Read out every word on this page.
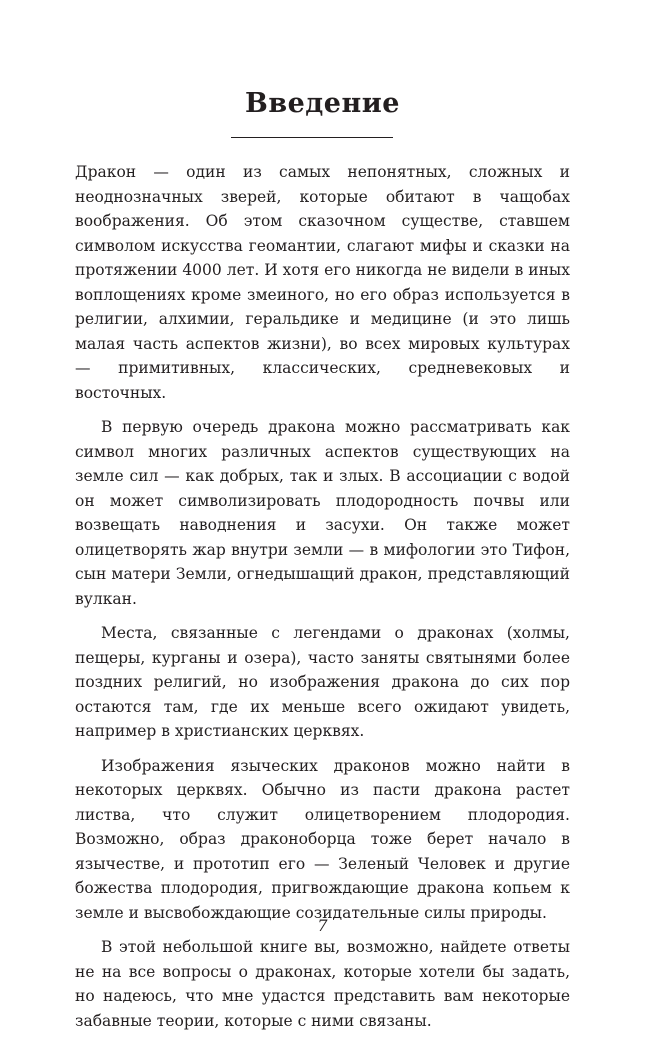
Введение

Дракон — один из самых непонятных, сложных и неоднозначных зверей, которые обитают в чащобах воображения. Об этом сказочном существе, ставшем символом искусства геомантии, слагают мифы и сказки на протяжении 4000 лет. И хотя его никогда не видели в иных воплощениях кроме змеиного, но его образ используется в религии, алхимии, геральдике и медицине (и это лишь малая часть аспектов жизни), во всех мировых культурах — примитивных, классических, средневековых и восточных.

В первую очередь дракона можно рассматривать как символ многих различных аспектов существующих на земле сил — как добрых, так и злых. В ассоциации с водой он может символизировать плодородность почвы или возвещать наводнения и засухи. Он также может олицетворять жар внутри земли — в мифологии это Тифон, сын матери Земли, огнедышащий дракон, представляющий вулкан.

Места, связанные с легендами о драконах (холмы, пещеры, курганы и озера), часто заняты святынями более поздних религий, но изображения дракона до сих пор остаются там, где их меньше всего ожидают увидеть, например в христианских церквях.

Изображения языческих драконов можно найти в некоторых церквях. Обычно из пасти дракона растет листва, что служит олицетворением плодородия. Возможно, образ драконоборца тоже берет начало в язычестве, и прототип его — Зеленый Человек и другие божества плодородия, пригвождающие дракона копьем к земле и высвобождающие созидательные силы природы.

В этой небольшой книге вы, возможно, найдете ответы не на все вопросы о драконах, которые хотели бы задать, но надеюсь, что мне удастся представить вам некоторые забавные теории, которые с ними связаны.

7
